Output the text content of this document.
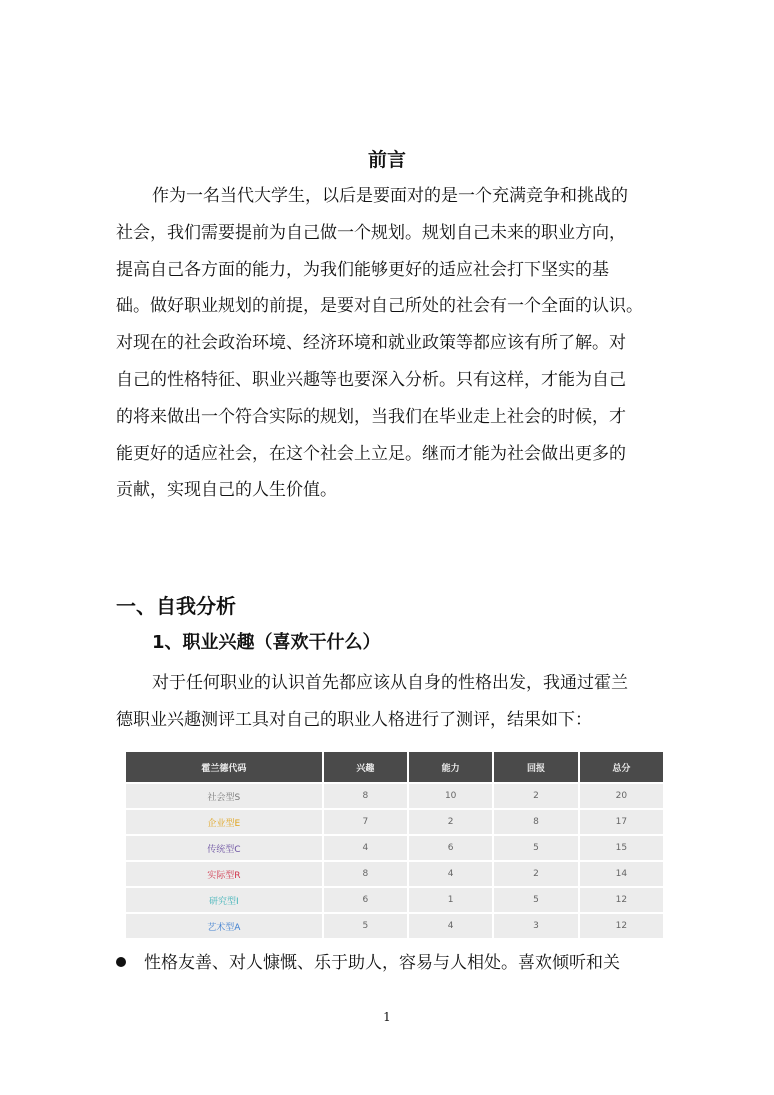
前言
作为一名当代大学生，以后是要面对的是一个充满竞争和挑战的
社会，我们需要提前为自己做一个规划。规划自己未来的职业方向，
提高自己各方面的能力，为我们能够更好的适应社会打下坚实的基
础。做好职业规划的前提，是要对自己所处的社会有一个全面的认识。
对现在的社会政治环境、经济环境和就业政策等都应该有所了解。对
自己的性格特征、职业兴趣等也要深入分析。只有这样，才能为自己
的将来做出一个符合实际的规划，当我们在毕业走上社会的时候，才
能更好的适应社会，在这个社会上立足。继而才能为社会做出更多的
贡献，实现自己的人生价值。
一、自我分析
1、职业兴趣（喜欢干什么）
对于任何职业的认识首先都应该从自身的性格出发，我通过霍兰
德职业兴趣测评工具对自己的职业人格进行了测评，结果如下：
霍兰德代码	兴趣	能力	回报	总分
社会型S	8	10	2	20
企业型E	7	2	8	17
传统型C	4	6	5	15
实际型R	8	4	2	14
研究型I	6	1	5	12
艺术型A	5	4	3	12
性格友善、对人慷慨、乐于助人，容易与人相处。喜欢倾听和关
1
